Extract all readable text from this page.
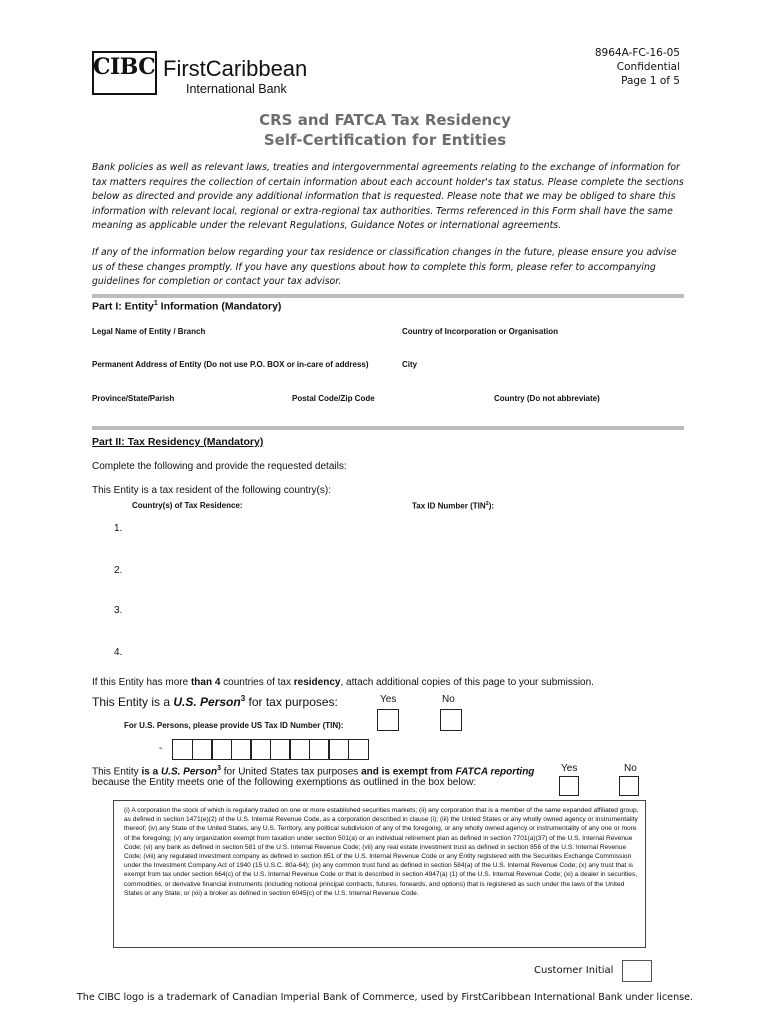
CIBC FirstCaribbean
International Bank
8964A-FC-16-05
Confidential
Page 1 of 5
CRS and FATCA Tax Residency
Self-Certification for Entities
Bank policies as well as relevant laws, treaties and intergovernmental agreements relating to the exchange of information for tax matters requires the collection of certain information about each account holder's tax status. Please complete the sections below as directed and provide any additional information that is requested. Please note that we may be obliged to share this information with relevant local, regional or extra-regional tax authorities. Terms referenced in this Form shall have the same meaning as applicable under the relevant Regulations, Guidance Notes or international agreements.
If any of the information below regarding your tax residence or classification changes in the future, please ensure you advise us of these changes promptly. If you have any questions about how to complete this form, please refer to accompanying guidelines for completion or contact your tax advisor.
Part I: Entity$^1$ Information (Mandatory)
Legal Name of Entity / Branch	Country of Incorporation or Organisation
Permanent Address of Entity (Do not use P.O. BOX or in-care of address)	City
Province/State/Parish	Postal Code/Zip Code	Country (Do not abbreviate)
Part II: Tax Residency (Mandatory)
Complete the following and provide the requested details:
This Entity is a tax resident of the following country(s):
Country(s) of Tax Residence:	Tax ID Number (TIN$^2$):
1.
2.
3.
4.
If this Entity has more than 4 countries of tax residency, attach additional copies of this page to your submission.
This Entity is a U.S. Person$^3$ for tax purposes:	Yes	No
For U.S. Persons, please provide US Tax ID Number (TIN):
-
This Entity is a U.S. Person$^3$ for United States tax purposes and is exempt from FATCA reporting
because the Entity meets one of the following exemptions as outlined in the box below:
Yes	No
(i) A corporation the stock of which is regularly traded on one or more established securities markets; (ii) any corporation that is a member of the same expanded affiliated group, as defined in section 1471(e)(2) of the U.S. Internal Revenue Code, as a corporation described in clause (i); (iii) the United States or any wholly owned agency or instrumentality thereof; (iv) any State of the United States, any U.S. Territory, any political subdivision of any of the foregoing, or any wholly owned agency or instrumentality of any one or more of the foregoing; (v) any organization exempt from taxation under section 501(a) or an individual retirement plan as defined in section 7701(a)(37) of the U.S. Internal Revenue Code; (vi) any bank as defined in section 581 of the U.S. Internal Revenue Code; (vii) any real estate investment trust as defined in section 856 of the U.S. Internal Revenue Code; (viii) any regulated investment company as defined in section 851 of the U.S. Internal Revenue Code or any Entity registered with the Securities Exchange Commission under the Investment Company Act of 1940 (15 U.S.C. 80a-64); (ix) any common trust fund as defined in section 584(a) of the U.S. Internal Revenue Code; (x) any trust that is exempt from tax under section 664(c) of the U.S. Internal Revenue Code or that is described in section 4947(a) (1) of the U.S. Internal Revenue Code; (xi) a dealer in securities, commodities, or derivative financial instruments (including notional principal contracts, futures, forwards, and options) that is registered as such under the laws of the United States or any State; or (xii) a broker as defined in section 6045(c) of the U.S. Internal Revenue Code.
Customer Initial
The CIBC logo is a trademark of Canadian Imperial Bank of Commerce, used by FirstCaribbean International Bank under license.
